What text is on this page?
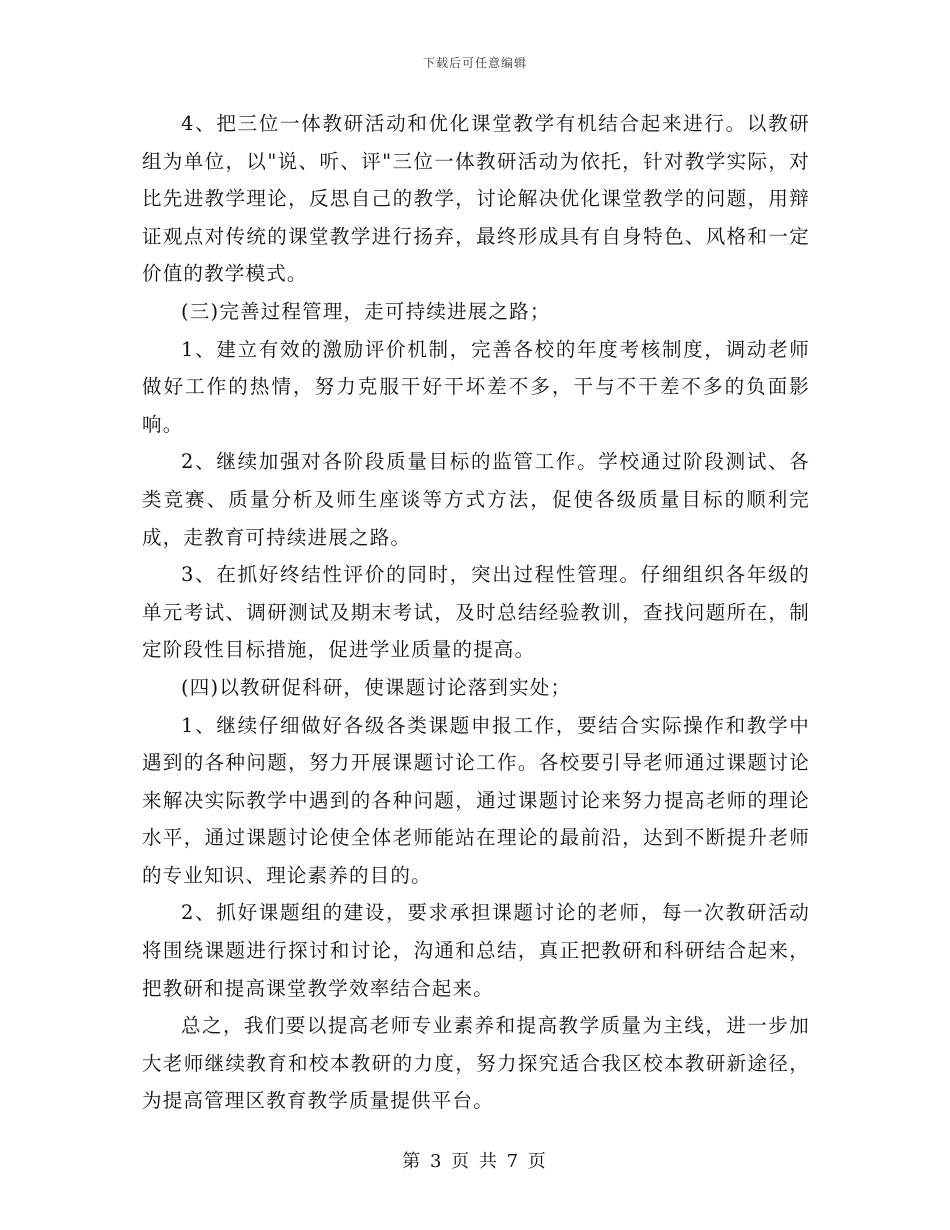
下载后可任意编辑

4、把三位一体教研活动和优化课堂教学有机结合起来进行。以教研组为单位，以"说、听、评"三位一体教研活动为依托，针对教学实际，对比先进教学理论，反思自己的教学，讨论解决优化课堂教学的问题，用辩证观点对传统的课堂教学进行扬弃，最终形成具有自身特色、风格和一定价值的教学模式。

(三)完善过程管理，走可持续进展之路；

1、建立有效的激励评价机制，完善各校的年度考核制度，调动老师做好工作的热情，努力克服干好干坏差不多，干与不干差不多的负面影响。

2、继续加强对各阶段质量目标的监管工作。学校通过阶段测试、各类竞赛、质量分析及师生座谈等方式方法，促使各级质量目标的顺利完成，走教育可持续进展之路。

3、在抓好终结性评价的同时，突出过程性管理。仔细组织各年级的单元考试、调研测试及期末考试，及时总结经验教训，查找问题所在，制定阶段性目标措施，促进学业质量的提高。

(四)以教研促科研，使课题讨论落到实处；

1、继续仔细做好各级各类课题申报工作，要结合实际操作和教学中遇到的各种问题，努力开展课题讨论工作。各校要引导老师通过课题讨论来解决实际教学中遇到的各种问题，通过课题讨论来努力提高老师的理论水平，通过课题讨论使全体老师能站在理论的最前沿，达到不断提升老师的专业知识、理论素养的目的。

2、抓好课题组的建设，要求承担课题讨论的老师，每一次教研活动将围绕课题进行探讨和讨论，沟通和总结，真正把教研和科研结合起来，把教研和提高课堂教学效率结合起来。

总之，我们要以提高老师专业素养和提高教学质量为主线，进一步加大老师继续教育和校本教研的力度，努力探究适合我区校本教研新途径，为提高管理区教育教学质量提供平台。

第 3 页 共 7 页
